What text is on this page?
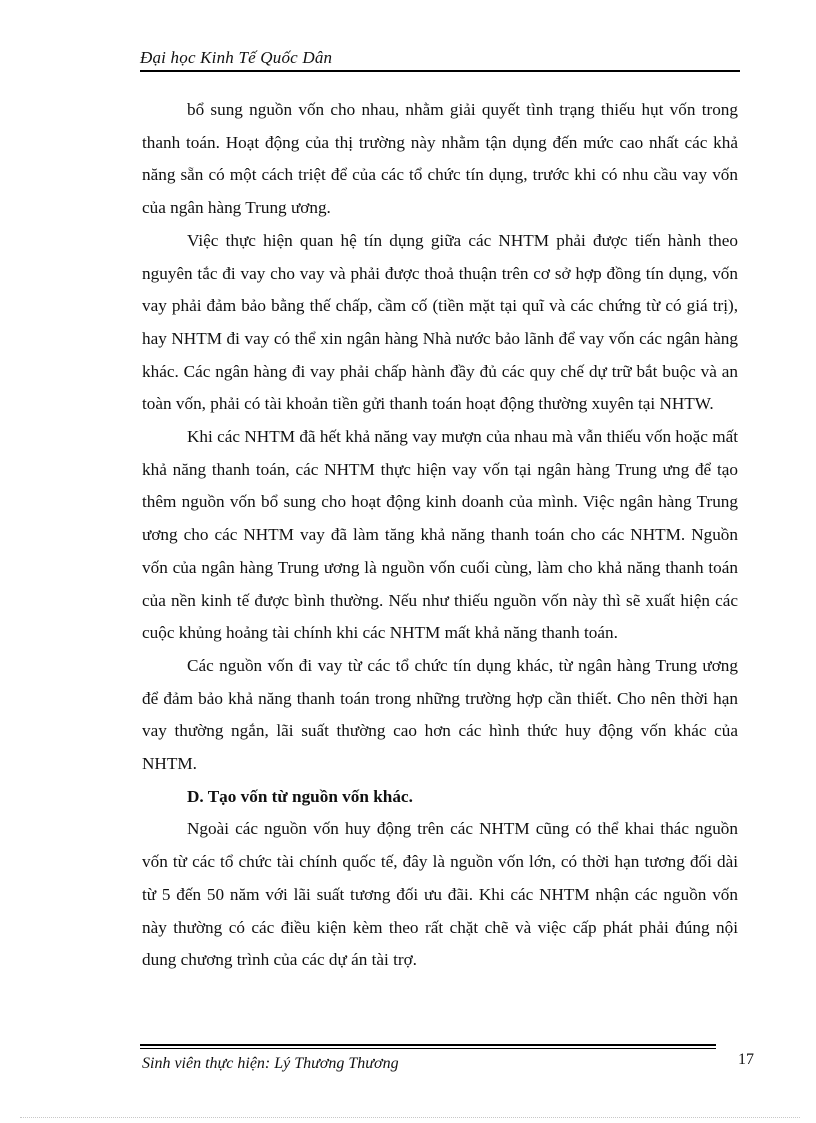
Đại học Kinh Tế Quốc Dân

bổ sung nguồn vốn cho nhau, nhằm giải quyết tình trạng thiếu hụt vốn trong thanh toán. Hoạt động của thị trường này nhằm tận dụng đến mức cao nhất các khả năng sẵn có một cách triệt để của các tổ chức tín dụng, trước khi có nhu cầu vay vốn của ngân hàng Trung ương.

Việc thực hiện quan hệ tín dụng giữa các NHTM phải được tiến hành theo nguyên tắc đi vay cho vay và phải được thoả thuận trên cơ sở hợp đồng tín dụng, vốn vay phải đảm bảo bằng thế chấp, cầm cố (tiền mặt tại quĩ và các chứng từ có giá trị), hay NHTM đi vay có thể xin ngân hàng Nhà nước bảo lãnh để vay vốn các ngân hàng khác. Các ngân hàng đi vay phải chấp hành đầy đủ các quy chế dự trữ bắt buộc và an toàn vốn, phải có tài khoản tiền gửi thanh toán hoạt động thường xuyên tại NHTW.

Khi các NHTM đã hết khả năng vay mượn của nhau mà vẫn thiếu vốn hoặc mất khả năng thanh toán, các NHTM thực hiện vay vốn tại ngân hàng Trung ưng để tạo thêm nguồn vốn bổ sung cho hoạt động kinh doanh của mình. Việc ngân hàng Trung ương cho các NHTM vay đã làm tăng khả năng thanh toán cho các NHTM. Nguồn vốn của ngân hàng Trung ương là nguồn vốn cuối cùng, làm cho khả năng thanh toán của nền kinh tế được bình thường. Nếu như thiếu nguồn vốn này thì sẽ xuất hiện các cuộc khủng hoảng tài chính khi các NHTM mất khả năng thanh toán.

Các nguồn vốn đi vay từ các tổ chức tín dụng khác, từ ngân hàng Trung ương để đảm bảo khả năng thanh toán trong những trường hợp cần thiết. Cho nên thời hạn vay thường ngắn, lãi suất thường cao hơn các hình thức huy động vốn khác của NHTM.

D. Tạo vốn từ nguồn vốn khác.

Ngoài các nguồn vốn huy động trên các NHTM cũng có thể khai thác nguồn vốn từ các tổ chức tài chính quốc tế, đây là nguồn vốn lớn, có thời hạn tương đối dài từ 5 đến 50 năm với lãi suất tương đối ưu đãi. Khi các NHTM nhận các nguồn vốn này thường có các điều kiện kèm theo rất chặt chẽ và việc cấp phát phải đúng nội dung chương trình của các dự án tài trợ.

Sinh viên thực hiện: Lý Thương Thương	17
